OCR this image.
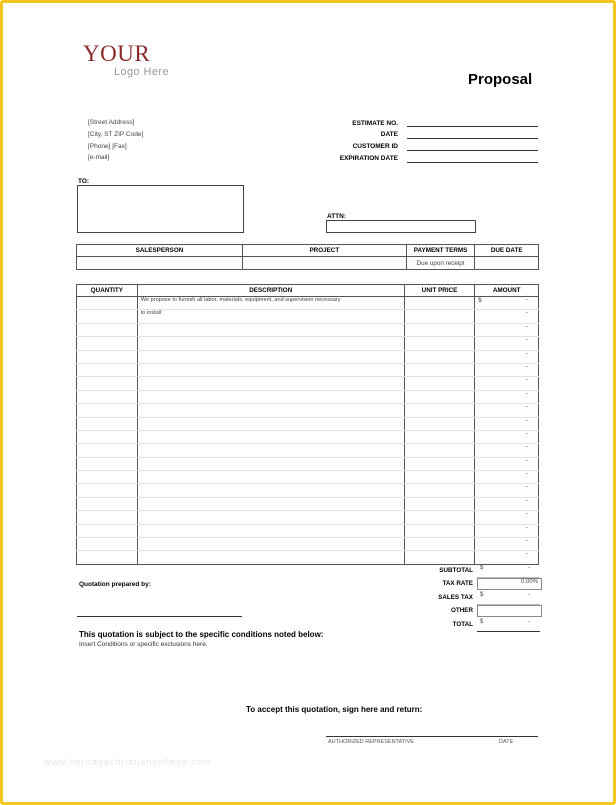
YOUR
Logo Here	Proposal
[Street Address]
[City, ST ZIP Code]
[Phone] [Fax]
[e-mail]
ESTIMATE NO.
DATE
CUSTOMER ID
EXPIRATION DATE
TO:
ATTN:
SALESPERSON	PROJECT	PAYMENT TERMS	DUE DATE
		Due upon receipt	
QUANTITY	DESCRIPTION	UNIT PRICE	AMOUNT
	We propose to furnish all labor, materials, equipment, and supervision necessary		$ -

	to install:		-

			-

			-

			-

			-

			-

			-

			-

			-

			-

			-

			-

			-

			-

			-

			-

			-

			-

			-
Quotation prepared by:
SUBTOTAL	$	-
TAX RATE	0.00%
SALES TAX	$	-
OTHER
TOTAL	$	-
This quotation is subject to the specific conditions noted below:
Insert Conditions or specific exclusions here.
To accept this quotation, sign here and return:
AUTHORIZED REPRESENTATIVE	DATE
www.heritagechristiancollege.com
